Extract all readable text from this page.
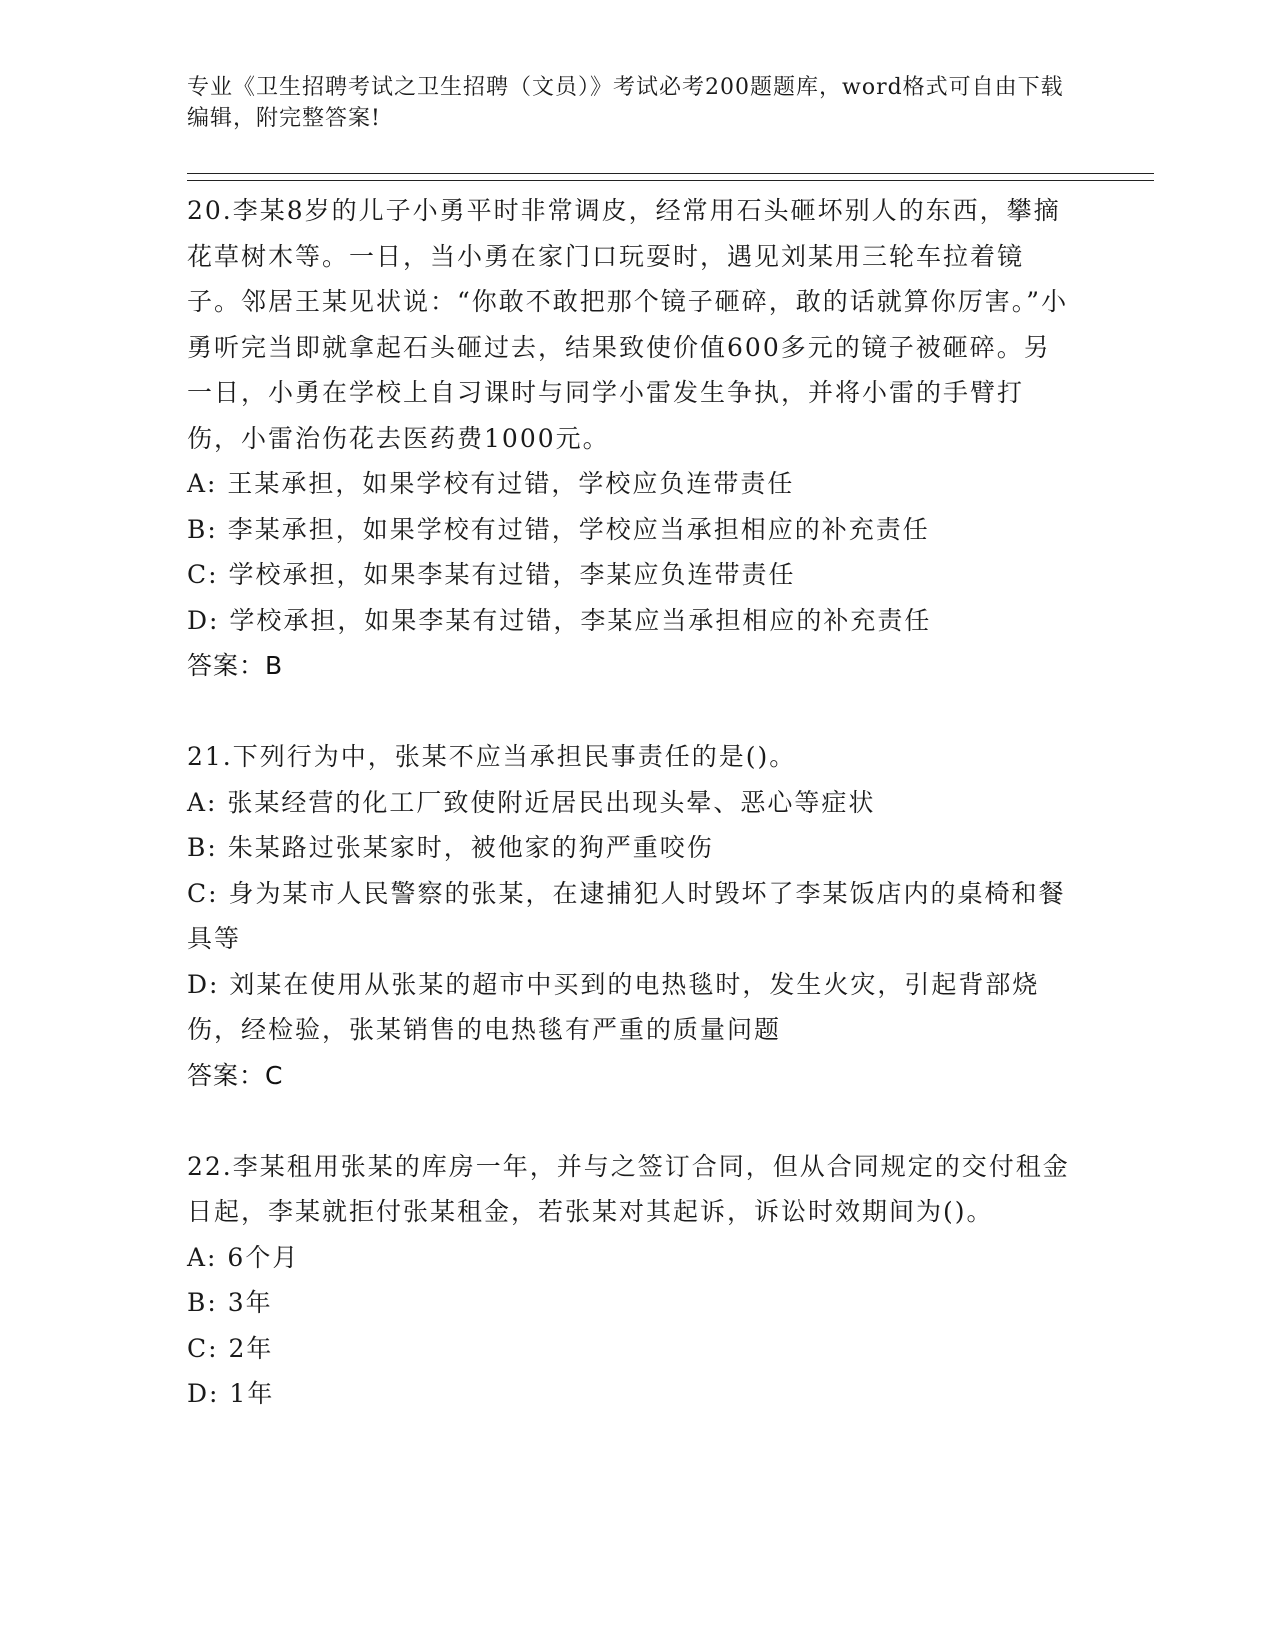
专业《卫生招聘考试之卫生招聘（文员）》考试必考200题题库，word格式可自由下载编辑，附完整答案!
20.李某8岁的儿子小勇平时非常调皮，经常用石头砸坏别人的东西，攀摘花草树木等。一日，当小勇在家门口玩耍时，遇见刘某用三轮车拉着镜子。邻居王某见状说：“你敢不敢把那个镜子砸碎，敢的话就算你厉害。”小勇听完当即就拿起石头砸过去，结果致使价值600多元的镜子被砸碎。另一日，小勇在学校上自习课时与同学小雷发生争执，并将小雷的手臂打伤，小雷治伤花去医药费1000元。
A: 王某承担，如果学校有过错，学校应负连带责任
B: 李某承担，如果学校有过错，学校应当承担相应的补充责任
C: 学校承担，如果李某有过错，李某应负连带责任
D: 学校承担，如果李某有过错，李某应当承担相应的补充责任
答案：B
21.下列行为中，张某不应当承担民事责任的是()。
A: 张某经营的化工厂致使附近居民出现头晕、恶心等症状
B: 朱某路过张某家时，被他家的狗严重咬伤
C: 身为某市人民警察的张某，在逮捕犯人时毁坏了李某饭店内的桌椅和餐具等
D: 刘某在使用从张某的超市中买到的电热毯时，发生火灾，引起背部烧伤，经检验，张某销售的电热毯有严重的质量问题
答案：C
22.李某租用张某的库房一年，并与之签订合同，但从合同规定的交付租金日起，李某就拒付张某租金，若张某对其起诉，诉讼时效期间为()。
A: 6个月
B: 3年
C: 2年
D: 1年
